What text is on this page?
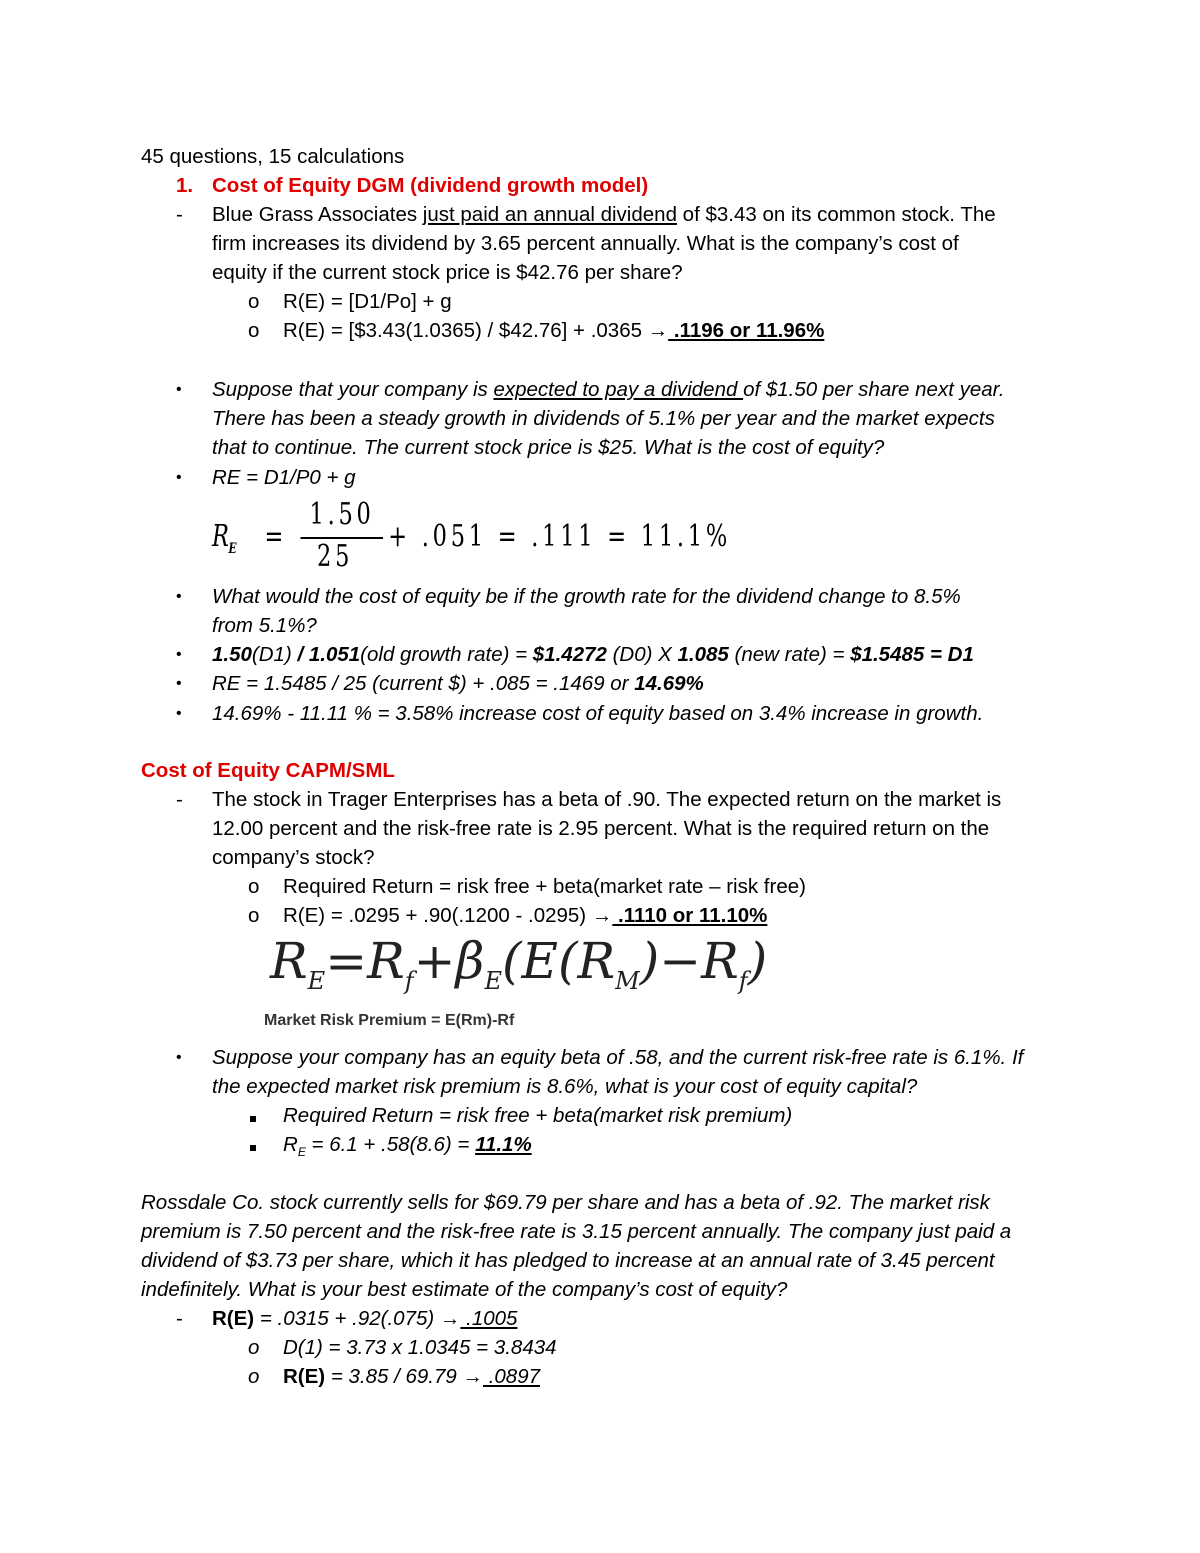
45 questions, 15 calculations
1. Cost of Equity DGM (dividend growth model)
- Blue Grass Associates just paid an annual dividend of $3.43 on its common stock. The
firm increases its dividend by 3.65 percent annually. What is the company’s cost of
equity if the current stock price is $42.76 per share?
o R(E) = [D1/Po] + g
o R(E) = [$3.43(1.0365) / $42.76] + .0365 → .1196 or 11.96%
• Suppose that your company is expected to pay a dividend of $1.50 per share next year.
There has been a steady growth in dividends of 5.1% per year and the market expects
that to continue. The current stock price is $25. What is the cost of equity?
• RE = D1/P0 + g
R
E =
1.50
25
+ .051 = .111 = 11.1%
• What would the cost of equity be if the growth rate for the dividend change to 8.5%
from 5.1%?
• 1.50(D1) / 1.051(old growth rate) = $1.4272 (D0) X 1.085 (new rate) = $1.5485 = D1
• RE = 1.5485 / 25 (current $) + .085 = .1469 or 14.69%
• 14.69% - 11.11 % = 3.58% increase cost of equity based on 3.4% increase in growth.
Cost of Equity CAPM/SML
- The stock in Trager Enterprises has a beta of .90. The expected return on the market is
12.00 percent and the risk-free rate is 2.95 percent. What is the required return on the
company’s stock?
o Required Return = risk free + beta(market rate – risk free)
o R(E) = .0295 + .90(.1200 - .0295) → .1110 or 11.10%
$R_E=R_f+\beta_E(E(R_M)-R_f)$
Market Risk Premium = E(Rm)-Rf
• Suppose your company has an equity beta of .58, and the current risk-free rate is 6.1%. If
the expected market risk premium is 8.6%, what is your cost of equity capital?
Required Return = risk free + beta(market risk premium)
$R_E = 6.1 + .58(8.6) = 11.1\%$
Rossdale Co. stock currently sells for $69.79 per share and has a beta of .92. The market risk
premium is 7.50 percent and the risk-free rate is 3.15 percent annually. The company just paid a
dividend of $3.73 per share, which it has pledged to increase at an annual rate of 3.45 percent
indefinitely. What is your best estimate of the company’s cost of equity?
- R(E) = .0315 + .92(.075) → .1005
o D(1) = 3.73 x 1.0345 = 3.8434
o R(E) = 3.85 / 69.79 → .0897
